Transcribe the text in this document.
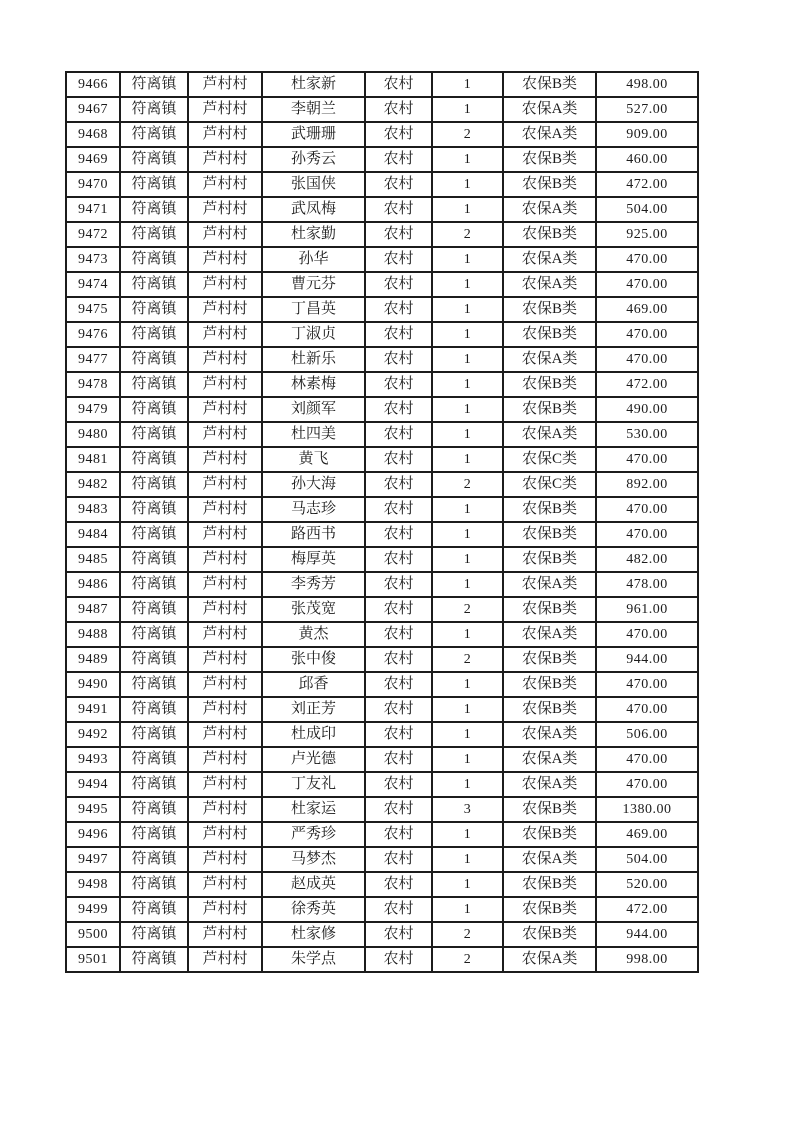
9466	符离镇	芦村村	杜家新	农村	1	农保B类	498.00
9467	符离镇	芦村村	李朝兰	农村	1	农保A类	527.00
9468	符离镇	芦村村	武珊珊	农村	2	农保A类	909.00
9469	符离镇	芦村村	孙秀云	农村	1	农保B类	460.00
9470	符离镇	芦村村	张国侠	农村	1	农保B类	472.00
9471	符离镇	芦村村	武凤梅	农村	1	农保A类	504.00
9472	符离镇	芦村村	杜家勤	农村	2	农保B类	925.00
9473	符离镇	芦村村	孙华	农村	1	农保A类	470.00
9474	符离镇	芦村村	曹元芬	农村	1	农保A类	470.00
9475	符离镇	芦村村	丁昌英	农村	1	农保B类	469.00
9476	符离镇	芦村村	丁淑贞	农村	1	农保B类	470.00
9477	符离镇	芦村村	杜新乐	农村	1	农保A类	470.00
9478	符离镇	芦村村	林素梅	农村	1	农保B类	472.00
9479	符离镇	芦村村	刘颜军	农村	1	农保B类	490.00
9480	符离镇	芦村村	杜四美	农村	1	农保A类	530.00
9481	符离镇	芦村村	黄飞	农村	1	农保C类	470.00
9482	符离镇	芦村村	孙大海	农村	2	农保C类	892.00
9483	符离镇	芦村村	马志珍	农村	1	农保B类	470.00
9484	符离镇	芦村村	路西书	农村	1	农保B类	470.00
9485	符离镇	芦村村	梅厚英	农村	1	农保B类	482.00
9486	符离镇	芦村村	李秀芳	农村	1	农保A类	478.00
9487	符离镇	芦村村	张茂宽	农村	2	农保B类	961.00
9488	符离镇	芦村村	黄杰	农村	1	农保A类	470.00
9489	符离镇	芦村村	张中俊	农村	2	农保B类	944.00
9490	符离镇	芦村村	邱香	农村	1	农保B类	470.00
9491	符离镇	芦村村	刘正芳	农村	1	农保B类	470.00
9492	符离镇	芦村村	杜成印	农村	1	农保A类	506.00
9493	符离镇	芦村村	卢光德	农村	1	农保A类	470.00
9494	符离镇	芦村村	丁友礼	农村	1	农保A类	470.00
9495	符离镇	芦村村	杜家运	农村	3	农保B类	1380.00
9496	符离镇	芦村村	严秀珍	农村	1	农保B类	469.00
9497	符离镇	芦村村	马梦杰	农村	1	农保A类	504.00
9498	符离镇	芦村村	赵成英	农村	1	农保B类	520.00
9499	符离镇	芦村村	徐秀英	农村	1	农保B类	472.00
9500	符离镇	芦村村	杜家修	农村	2	农保B类	944.00
9501	符离镇	芦村村	朱学点	农村	2	农保A类	998.00
